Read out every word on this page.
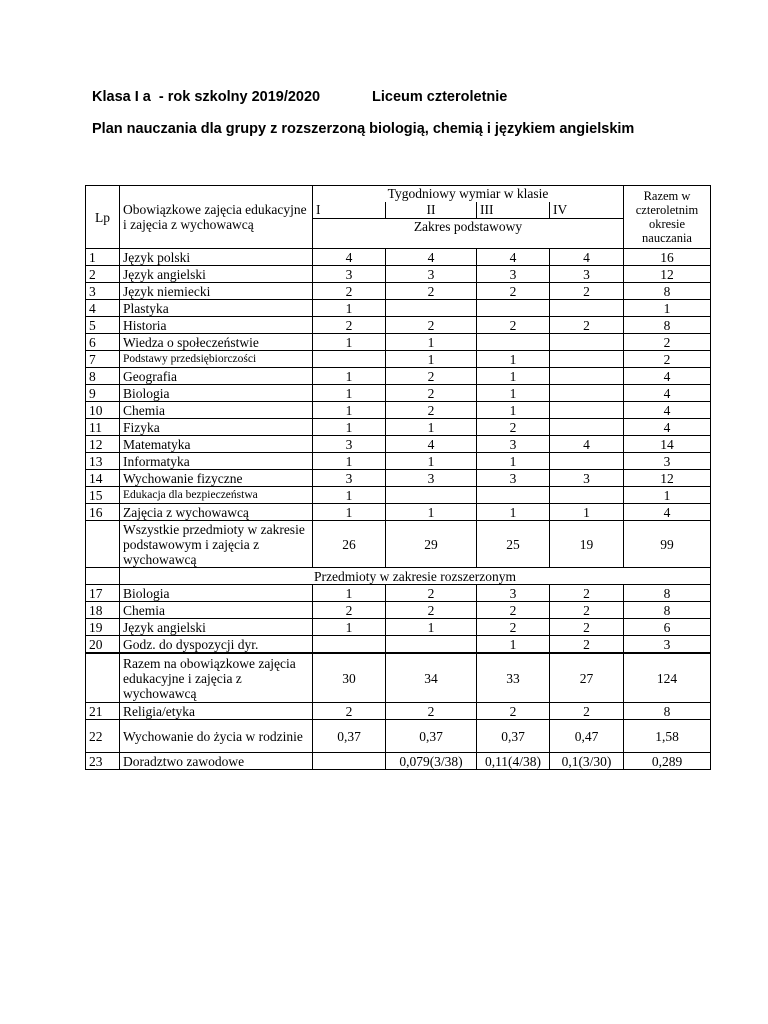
Klasa I a  - rok szkolny 2019/2020	Liceum czteroletnie
Plan nauczania dla grupy z rozszerzoną biologią, chemią i językiem angielskim
Lp	Obowiązkowe zajęcia edukacyjne i zajęcia z wychowawcą	Tygodniowy wymiar w klasie				Razem w czteroletnim okresie nauczania
		I	II	III	IV	
		Zakres podstawowy				
1	Język polski	4	4	4	4	16
2	Język angielski	3	3	3	3	12
3	Język niemiecki	2	2	2	2	8
4	Plastyka	1				1
5	Historia	2	2	2	2	8
6	Wiedza o społeczeństwie	1	1			2
7	Podstawy przedsiębiorczości		1	1		2
8	Geografia	1	2	1		4
9	Biologia	1	2	1		4
10	Chemia	1	2	1		4
11	Fizyka	1	1	2		4
12	Matematyka	3	4	3	4	14
13	Informatyka	1	1	1		3
14	Wychowanie fizyczne	3	3	3	3	12
15	Edukacja dla bezpieczeństwa	1				1
16	Zajęcia z wychowawcą	1	1	1	1	4
	Wszystkie przedmioty w zakresie podstawowym i zajęcia z wychowawcą	26	29	25	19	99
	Przedmioty w zakresie rozszerzonym					
17	Biologia	1	2	3	2	8
18	Chemia	2	2	2	2	8
19	Język angielski	1	1	2	2	6
20	Godz. do dyspozycji dyr.			1	2	3
	Razem na obowiązkowe zajęcia edukacyjne i zajęcia z wychowawcą	30	34	33	27	124
21	Religia/etyka	2	2	2	2	8
22	Wychowanie do życia w rodzinie	0,37	0,37	0,37	0,47	1,58
23	Doradztwo zawodowe		0,079(3/38)	0,11(4/38)	0,1(3/30)	0,289
